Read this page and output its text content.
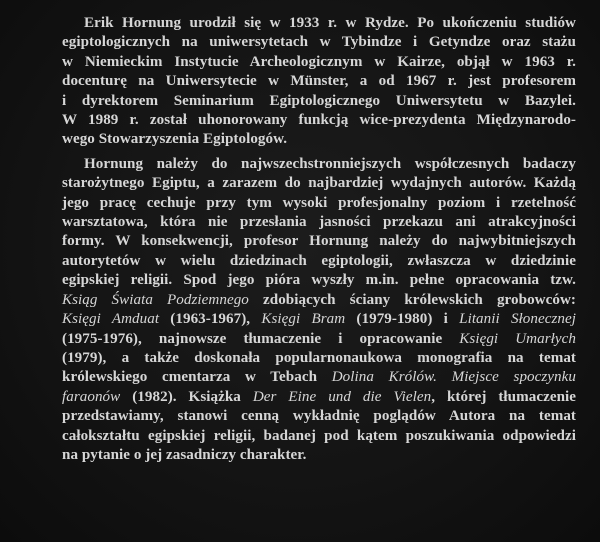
Erik Hornung urodził się w 1933 r. w Rydze. Po ukończeniu studiów
egiptologicznych na uniwersytetach w Tybindze i Getyndze oraz stażu
w Niemieckim Instytucie Archeologicznym w Kairze, objął w 1963 r.
docenturę na Uniwersytecie w Münster, a od 1967 r. jest profesorem
i dyrektorem Seminarium Egiptologicznego Uniwersytetu w Bazylei.
W 1989 r. został uhonorowany funkcją wice-prezydenta Międzynarodo-
wego Stowarzyszenia Egiptologów.

Hornung należy do najwszechstronniejszych współczesnych badaczy
starożytnego Egiptu, a zarazem do najbardziej wydajnych autorów. Każdą
jego pracę cechuje przy tym wysoki profesjonalny poziom i rzetelność
warsztatowa, która nie przesłania jasności przekazu ani atrakcyjności
formy. W konsekwencji, profesor Hornung należy do najwybitniejszych
autorytetów w wielu dziedzinach egiptologii, zwłaszcza w dziedzinie
egipskiej religii. Spod jego pióra wyszły m.in. pełne opracowania tzw.
Ksiąg Świata Podziemnego zdobiących ściany królewskich grobowców:
Księgi Amduat (1963-1967), Księgi Bram (1979-1980) i Litanii Słonecznej
(1975-1976), najnowsze tłumaczenie i opracowanie Księgi Umarłych
(1979), a także doskonała popularnonaukowa monografia na temat
królewskiego cmentarza w Tebach Dolina Królów. Miejsce spoczynku
faraonów (1982). Książka Der Eine und die Vielen, której tłumaczenie
przedstawiamy, stanowi cenną wykładnię poglądów Autora na temat
całokształtu egipskiej religii, badanej pod kątem poszukiwania odpowiedzi
na pytanie o jej zasadniczy charakter.
